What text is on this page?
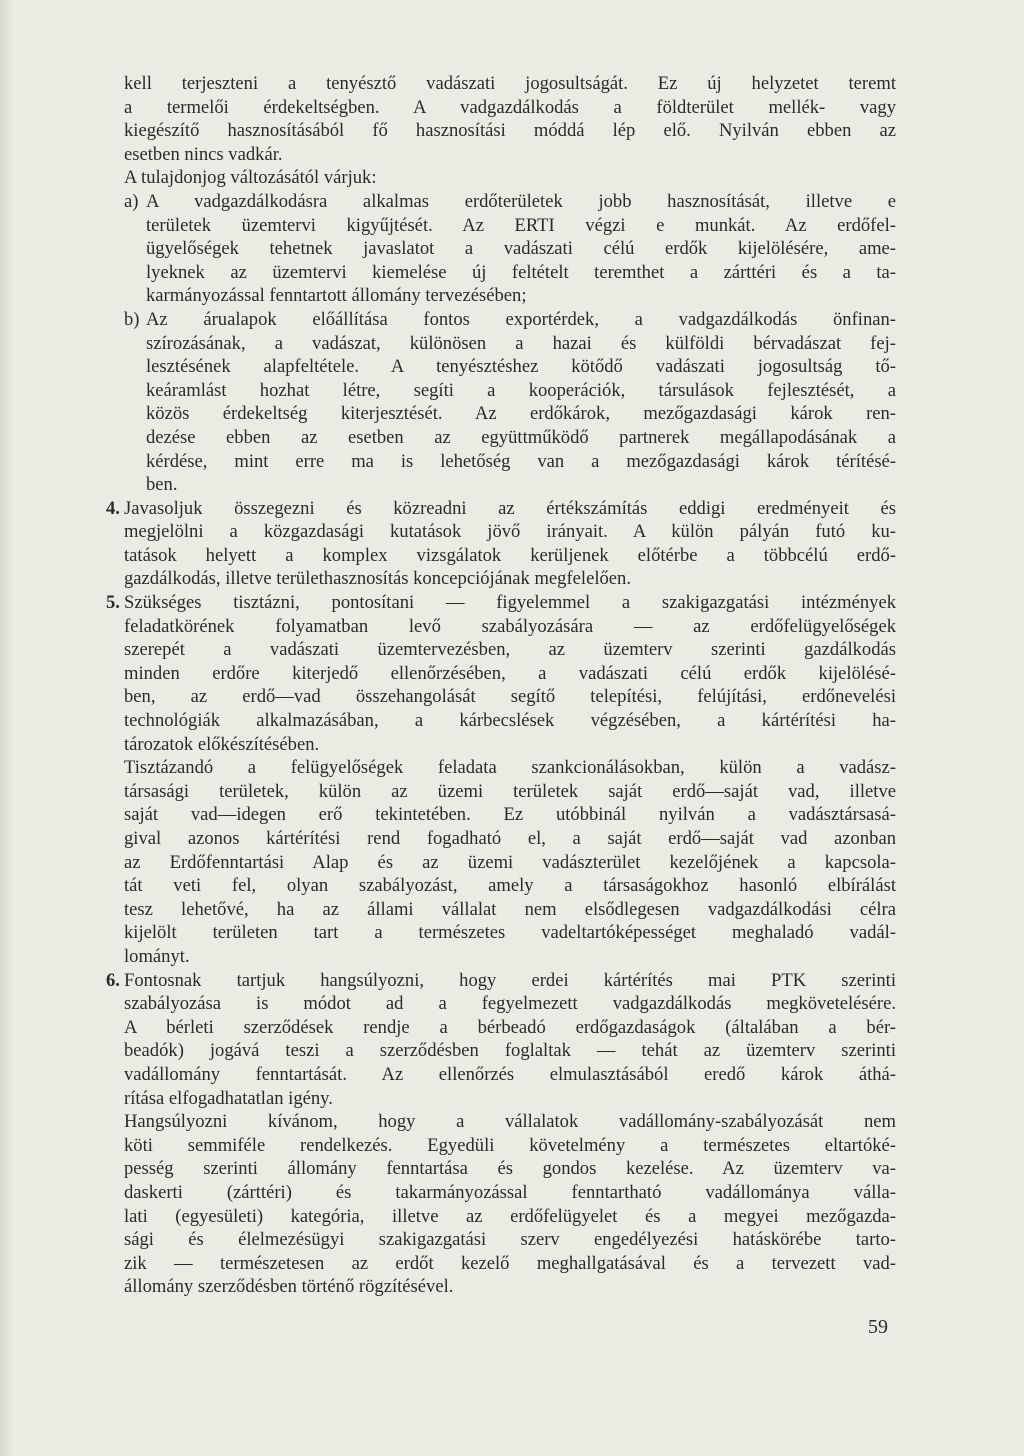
kell terjeszteni a tenyésztő vadászati jogosultságát. Ez új helyzetet teremt
a termelői érdekeltségben. A vadgazdálkodás a földterület mellék- vagy
kiegészítő hasznosításából fő hasznosítási móddá lép elő. Nyilván ebben az
esetben nincs vadkár.
A tulajdonjog változásától várjuk:
a) A vadgazdálkodásra alkalmas erdőterületek jobb hasznosítását, illetve e
területek üzemtervi kigyűjtését. Az ERTI végzi e munkát. Az erdőfel-
ügyelőségek tehetnek javaslatot a vadászati célú erdők kijelölésére, ame-
lyeknek az üzemtervi kiemelése új feltételt teremthet a zárttéri és a ta-
karmányozással fenntartott állomány tervezésében;
b) Az árualapok előállítása fontos exportérdek, a vadgazdálkodás önfinan-
szírozásának, a vadászat, különösen a hazai és külföldi bérvadászat fej-
lesztésének alapfeltétele. A tenyésztéshez kötődő vadászati jogosultság tő-
keáramlást hozhat létre, segíti a kooperációk, társulások fejlesztését, a
közös érdekeltség kiterjesztését. Az erdőkárok, mezőgazdasági károk ren-
dezése ebben az esetben az együttműködő partnerek megállapodásának a
kérdése, mint erre ma is lehetőség van a mezőgazdasági károk térítésé-
ben.
4. Javasoljuk összegezni és közreadni az értékszámítás eddigi eredményeit és
megjelölni a közgazdasági kutatások jövő irányait. A külön pályán futó ku-
tatások helyett a komplex vizsgálatok kerüljenek előtérbe a többcélú erdő-
gazdálkodás, illetve területhasznosítás koncepciójának megfelelően.
5. Szükséges tisztázni, pontosítani — figyelemmel a szakigazgatási intézmények
feladatkörének folyamatban levő szabályozására — az erdőfelügyelőségek
szerepét a vadászati üzemtervezésben, az üzemterv szerinti gazdálkodás
minden erdőre kiterjedő ellenőrzésében, a vadászati célú erdők kijelölésé-
ben, az erdő—vad összehangolását segítő telepítési, felújítási, erdőnevelési
technológiák alkalmazásában, a kárbecslések végzésében, a kártérítési ha-
tározatok előkészítésében.
Tisztázandó a felügyelőségek feladata szankcionálásokban, külön a vadász-
társasági területek, külön az üzemi területek saját erdő—saját vad, illetve
saját vad—idegen erő tekintetében. Ez utóbbinál nyilván a vadásztársasá-
gival azonos kártérítési rend fogadható el, a saját erdő—saját vad azonban
az Erdőfenntartási Alap és az üzemi vadászterület kezelőjének a kapcsola-
tát veti fel, olyan szabályozást, amely a társaságokhoz hasonló elbírálást
tesz lehetővé, ha az állami vállalat nem elsődlegesen vadgazdálkodási célra
kijelölt területen tart a természetes vadeltartóképességet meghaladó vadál-
lományt.
6. Fontosnak tartjuk hangsúlyozni, hogy erdei kártérítés mai PTK szerinti
szabályozása is módot ad a fegyelmezett vadgazdálkodás megkövetelésére.
A bérleti szerződések rendje a bérbeadó erdőgazdaságok (általában a bér-
beadók) jogává teszi a szerződésben foglaltak — tehát az üzemterv szerinti
vadállomány fenntartását. Az ellenőrzés elmulasztásából eredő károk áthá-
rítása elfogadhatatlan igény.
Hangsúlyozni kívánom, hogy a vállalatok vadállomány-szabályozását nem
köti semmiféle rendelkezés. Egyedüli követelmény a természetes eltartóké-
pesség szerinti állomány fenntartása és gondos kezelése. Az üzemterv va-
daskerti (zárttéri) és takarmányozással fenntartható vadállománya válla-
lati (egyesületi) kategória, illetve az erdőfelügyelet és a megyei mezőgazda-
sági és élelmezésügyi szakigazgatási szerv engedélyezési hatáskörébe tarto-
zik — természetesen az erdőt kezelő meghallgatásával és a tervezett vad-
állomány szerződésben történő rögzítésével.
59
